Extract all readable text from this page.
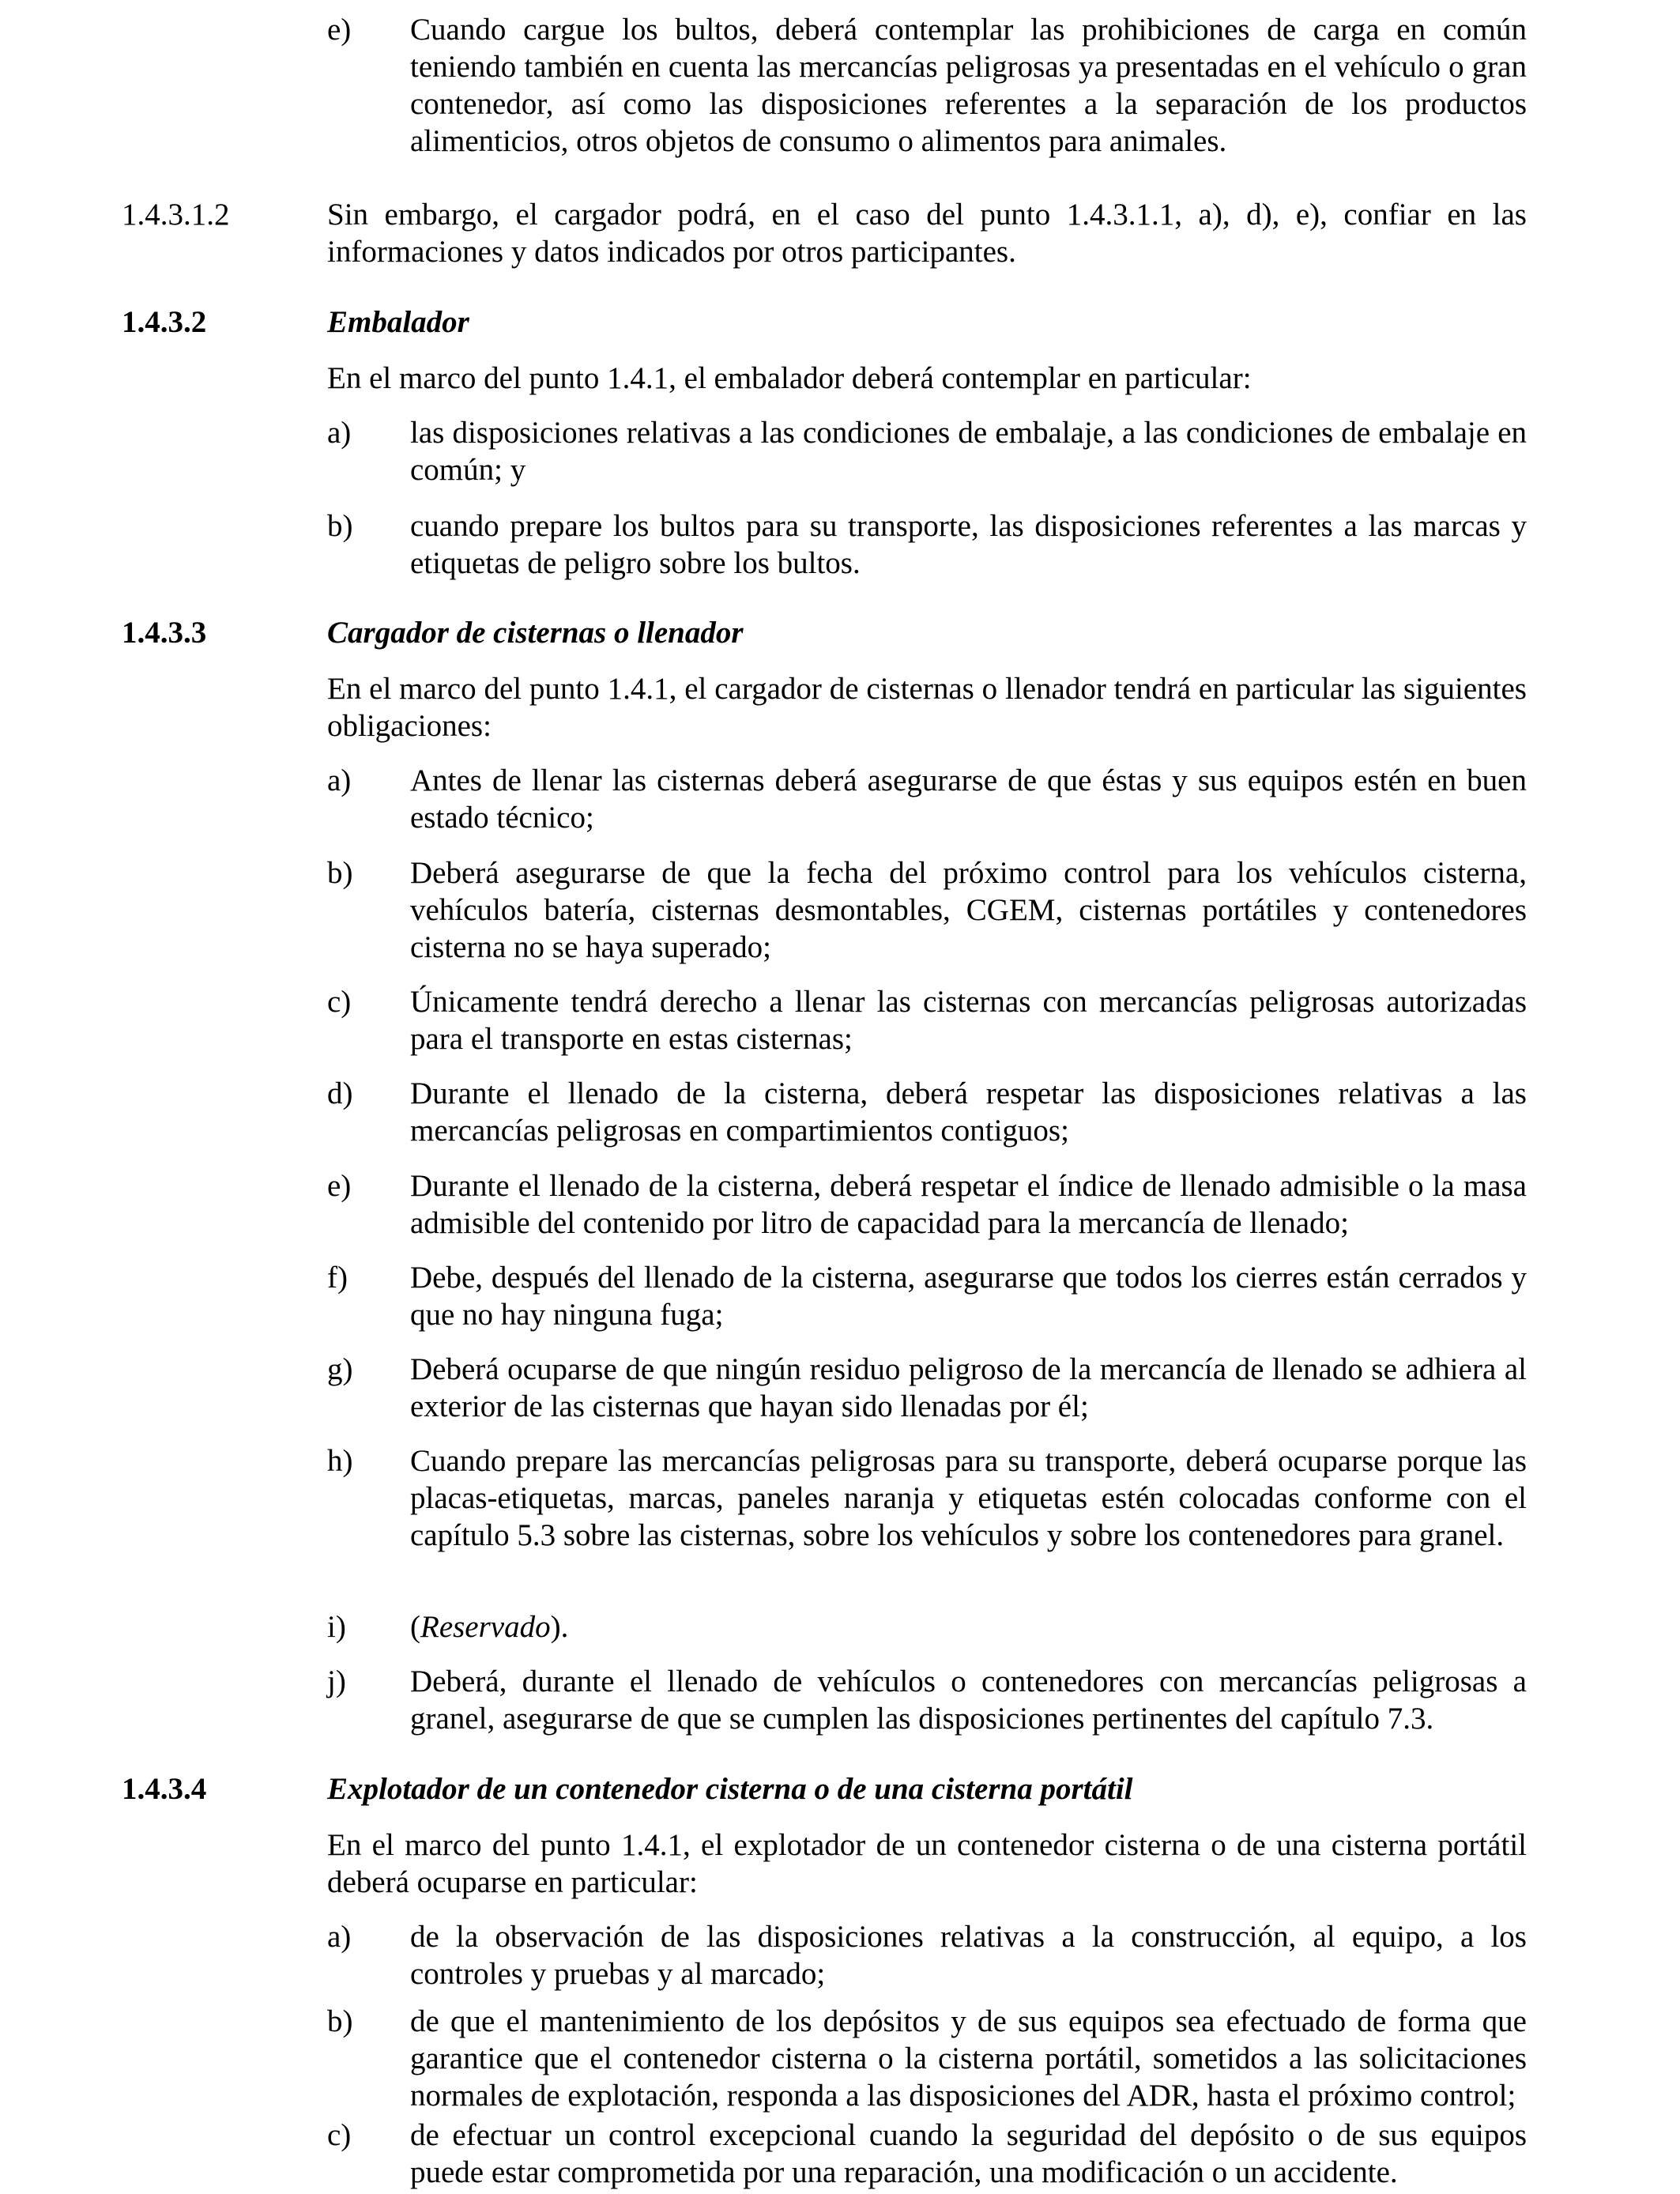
e) Cuando cargue los bultos, deberá contemplar las prohibiciones de carga en común teniendo también en cuenta las mercancías peligrosas ya presentadas en el vehículo o gran contenedor, así como las disposiciones referentes a la separación de los productos alimenticios, otros objetos de consumo o alimentos para animales.

1.4.3.1.2	Sin embargo, el cargador podrá, en el caso del punto 1.4.3.1.1, a), d), e), confiar en las informaciones y datos indicados por otros participantes.

1.4.3.2	Embalador

En el marco del punto 1.4.1, el embalador deberá contemplar en particular:

a) las disposiciones relativas a las condiciones de embalaje, a las condiciones de embalaje en común; y

b) cuando prepare los bultos para su transporte, las disposiciones referentes a las marcas y etiquetas de peligro sobre los bultos.

1.4.3.3	Cargador de cisternas o llenador

En el marco del punto 1.4.1, el cargador de cisternas o llenador tendrá en particular las siguientes obligaciones:

a) Antes de llenar las cisternas deberá asegurarse de que éstas y sus equipos estén en buen estado técnico;

b) Deberá asegurarse de que la fecha del próximo control para los vehículos cisterna, vehículos batería, cisternas desmontables, CGEM, cisternas portátiles y contenedores cisterna no se haya superado;

c) Únicamente tendrá derecho a llenar las cisternas con mercancías peligrosas autorizadas para el transporte en estas cisternas;

d) Durante el llenado de la cisterna, deberá respetar las disposiciones relativas a las mercancías peligrosas en compartimientos contiguos;

e) Durante el llenado de la cisterna, deberá respetar el índice de llenado admisible o la masa admisible del contenido por litro de capacidad para la mercancía de llenado;

f) Debe, después del llenado de la cisterna, asegurarse que todos los cierres están cerrados y que no hay ninguna fuga;

g) Deberá ocuparse de que ningún residuo peligroso de la mercancía de llenado se adhiera al exterior de las cisternas que hayan sido llenadas por él;

h) Cuando prepare las mercancías peligrosas para su transporte, deberá ocuparse porque las placas-etiquetas, marcas, paneles naranja y etiquetas estén colocadas conforme con el capítulo 5.3 sobre las cisternas, sobre los vehículos y sobre los contenedores para granel.

i) (Reservado).

j) Deberá, durante el llenado de vehículos o contenedores con mercancías peligrosas a granel, asegurarse de que se cumplen las disposiciones pertinentes del capítulo 7.3.

1.4.3.4	Explotador de un contenedor cisterna o de una cisterna portátil

En el marco del punto 1.4.1, el explotador de un contenedor cisterna o de una cisterna portátil deberá ocuparse en particular:

a) de la observación de las disposiciones relativas a la construcción, al equipo, a los controles y pruebas y al marcado;

b) de que el mantenimiento de los depósitos y de sus equipos sea efectuado de forma que garantice que el contenedor cisterna o la cisterna portátil, sometidos a las solicitaciones normales de explotación, responda a las disposiciones del ADR, hasta el próximo control;

c) de efectuar un control excepcional cuando la seguridad del depósito o de sus equipos puede estar comprometida por una reparación, una modificación o un accidente.
